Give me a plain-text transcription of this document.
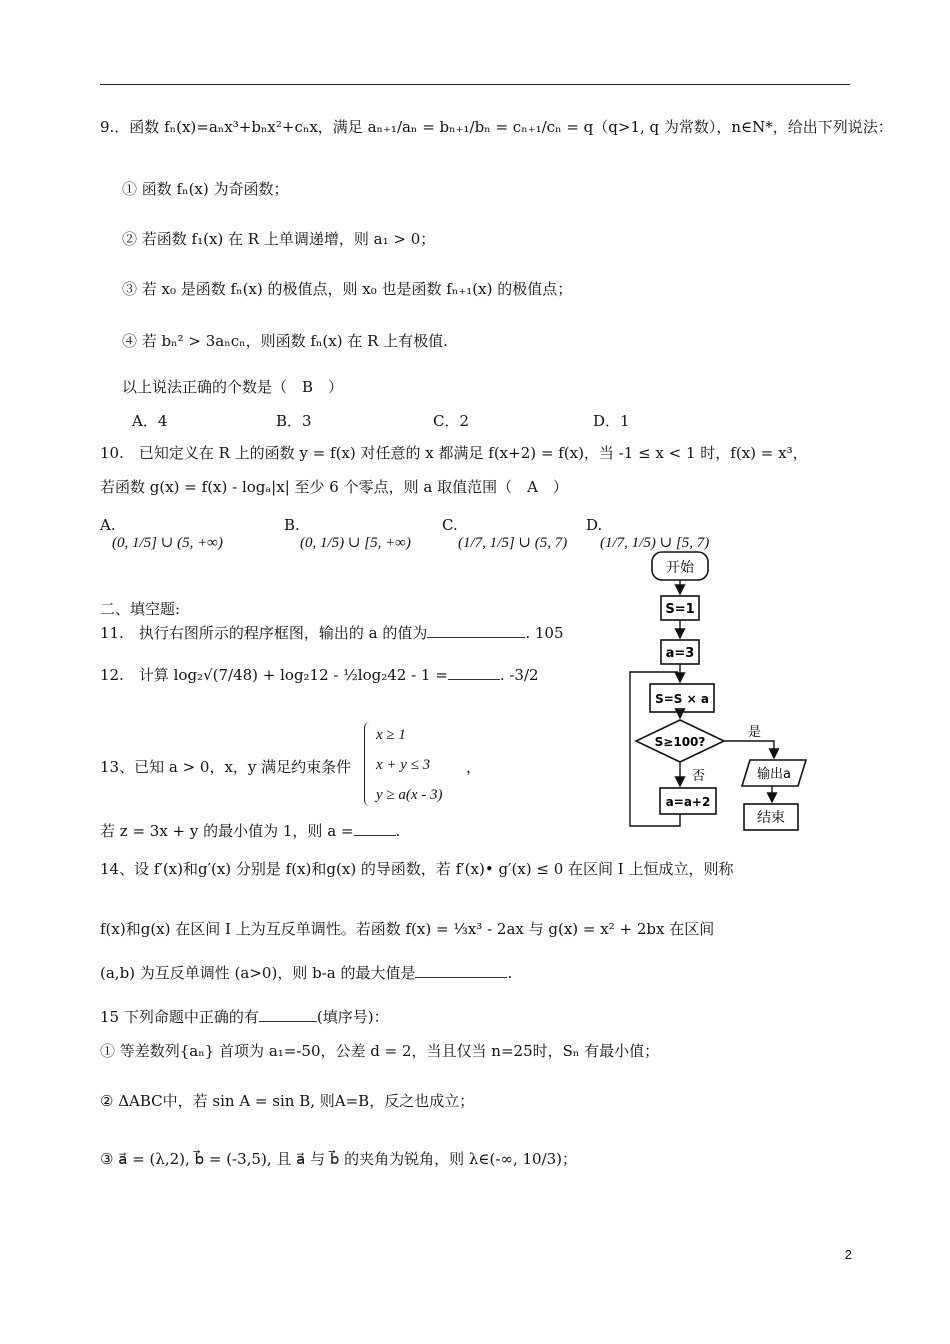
9.．函数 fₙ(x)=aₙx³+bₙx²+cₙx，满足 aₙ₊₁/aₙ = bₙ₊₁/bₙ = cₙ₊₁/cₙ = q（q>1, q 为常数），n∈N*，给出下列说法：
① 函数 fₙ(x) 为奇函数；
② 若函数 f₁(x) 在 R 上单调递增，则 a₁ > 0；
③ 若 x₀ 是函数 fₙ(x) 的极值点，则 x₀ 也是函数 fₙ₊₁(x) 的极值点；
④ 若 bₙ² > 3aₙcₙ，则函数 fₙ(x) 在 R 上有极值.
以上说法正确的个数是（　B　）
A．4	B．3	C．2	D．1
10.　已知定义在 R 上的函数 y = f(x) 对任意的 x 都满足 f(x+2) = f(x)，当 -1 ≤ x < 1 时，f(x) = x³，
若函数 g(x) = f(x) - logₐ|x| 至少 6 个零点，则 a 取值范围（　A　）
A.
(0, 1/5] ∪ (5, +∞)
B.
(0, 1/5) ∪ [5, +∞)
C.
(1/7, 1/5] ∪ (5, 7)
D.
(1/7, 1/5) ∪ [5, 7)
二、填空题:
11.　执行右图所示的程序框图，输出的 a 的值为	. 105
12.　计算 log₂√(7/48) + log₂12 - ½log₂42 - 1 =	. -3/2
13、已知 a > 0，x，y 满足约束条件
x ≥ 1
x + y ≤ 3
y ≥ a(x - 3)
，
若 z = 3x + y 的最小值为 1，则 a =	.
14、设 f′(x)和g′(x) 分别是 f(x)和g(x) 的导函数，若 f′(x)• g′(x) ≤ 0 在区间 I 上恒成立，则称
f(x)和g(x) 在区间 I 上为互反单调性。若函数 f(x) = ⅓x³ - 2ax 与 g(x) = x² + 2bx 在区间
(a,b) 为互反单调性 (a>0)，则 b-a 的最大值是	.
15 下列命题中正确的有	(填序号)：
① 等差数列{aₙ} 首项为 a₁=-50，公差 d = 2，当且仅当 n=25时，Sₙ 有最小值；
② ΔABC中，若 sin A = sin B, 则A=B，反之也成立；
③ a⃗ = (λ,2), b⃗ = (-3,5), 且 a⃗ 与 b⃗ 的夹角为锐角，则 λ∈(-∞, 10/3)；
开始
S=1
a=3
S=S × a
S≥100?
是
否	输出a
a=a+2
结束
2
